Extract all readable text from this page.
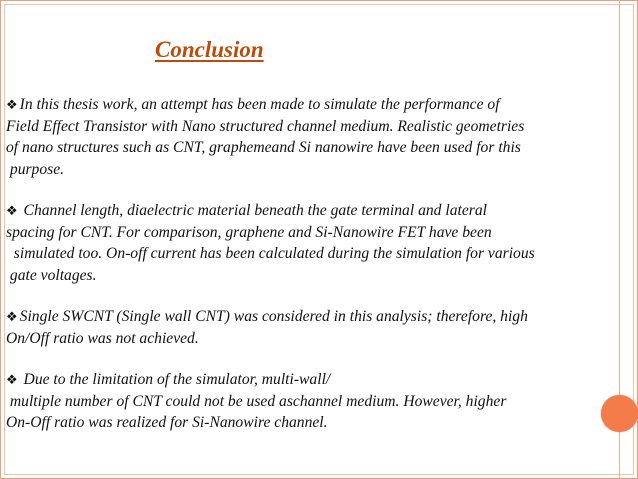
Conclusion

❖ In this thesis work, an attempt has been made to simulate the performance of
Field Effect Transistor with Nano structured channel medium. Realistic geometries
of nano structures such as CNT, graphemeand Si nanowire have been used for this
purpose.

❖ Channel length, diaelectric material beneath the gate terminal and lateral
spacing for CNT. For comparison, graphene and Si-Nanowire FET have been
simulated too. On-off current has been calculated during the simulation for various
gate voltages.

❖ Single SWCNT (Single wall CNT) was considered in this analysis; therefore, high
On/Off ratio was not achieved.

❖ Due to the limitation of the simulator, multi-wall/
multiple number of CNT could not be used aschannel medium. However, higher
On-Off ratio was realized for Si-Nanowire channel.
